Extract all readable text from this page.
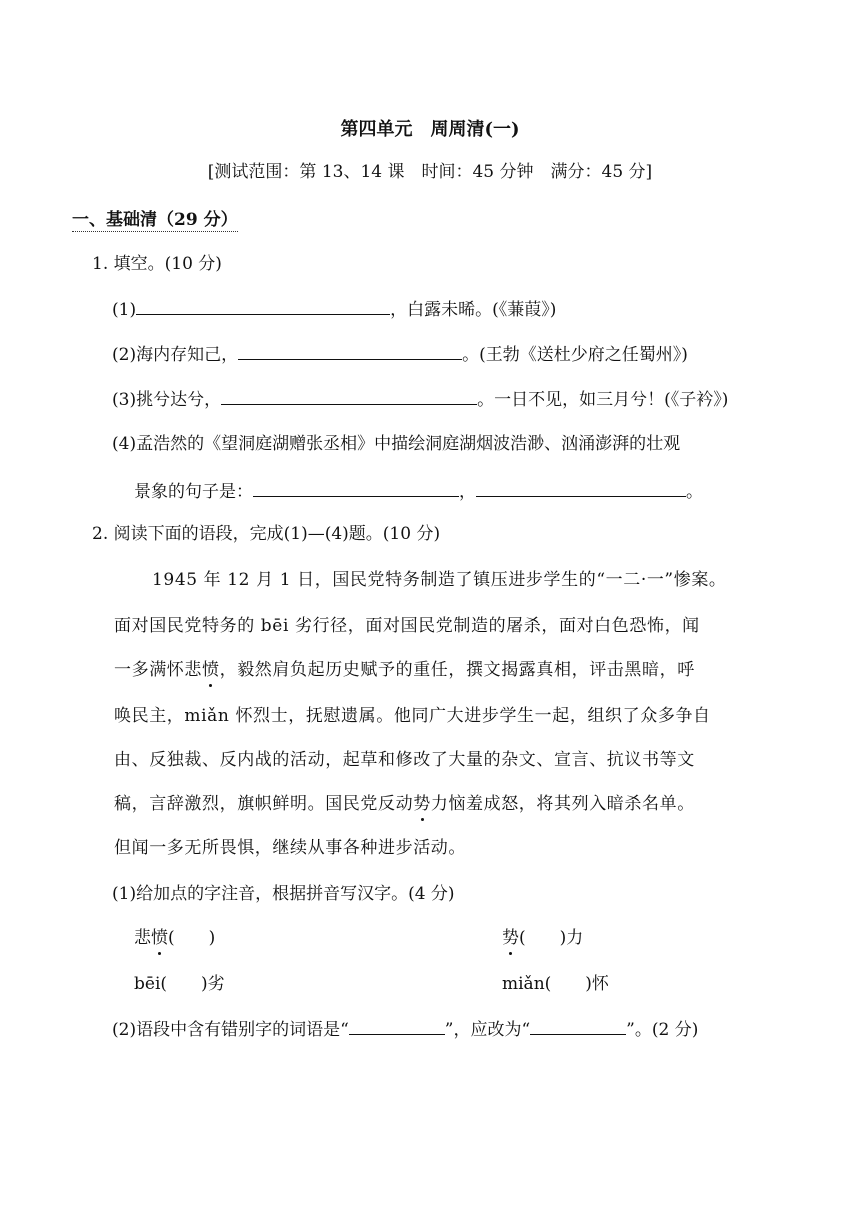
第四单元　周周清(一)
[测试范围：第 13、14 课　时间：45 分钟　满分：45 分]
一、基础清（29 分）
1. 填空。(10 分)
(1)	，白露未晞。(《蒹葭》)
(2)海内存知己，	。(王勃《送杜少府之任蜀州》)
(3)挑兮达兮，	。一日不见，如三月兮！(《子衿》)
(4)孟浩然的《望洞庭湖赠张丞相》中描绘洞庭湖烟波浩渺、汹涌澎湃的壮观
景象的句子是：	，	。
2. 阅读下面的语段，完成(1)—(4)题。(10 分)
1945 年 12 月 1 日，国民党特务制造了镇压进步学生的“一二·一”惨案。
面对国民党特务的 bēi 劣行径，面对国民党制造的屠杀，面对白色恐怖，闻
一多满怀悲愤，毅然肩负起历史赋予的重任，撰文揭露真相，评击黑暗，呼
唤民主，miǎn 怀烈士，抚慰遗属。他同广大进步学生一起，组织了众多争自
由、反独裁、反内战的活动，起草和修改了大量的杂文、宣言、抗议书等文
稿，言辞激烈，旗帜鲜明。国民党反动势力恼羞成怒，将其列入暗杀名单。
但闻一多无所畏惧，继续从事各种进步活动。
(1)给加点的字注音，根据拼音写汉字。(4 分)
悲愤(　　)	势(　　)力
bēi(　　)劣	miǎn(　　)怀
(2)语段中含有错别字的词语是“	”，应改为“	”。(2 分)
